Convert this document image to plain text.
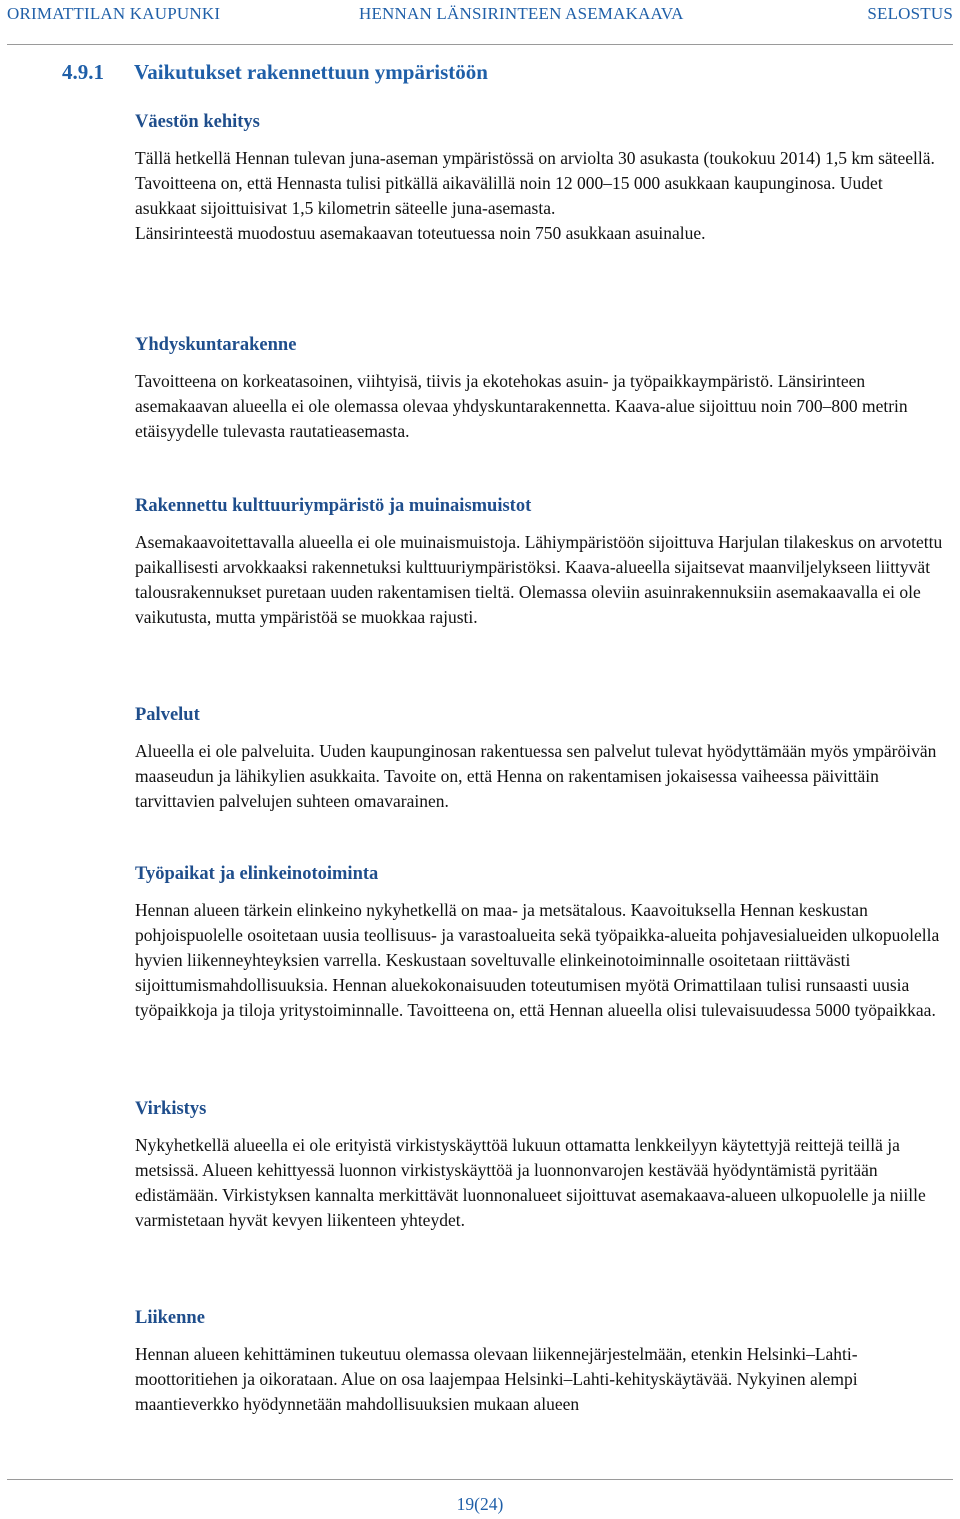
ORIMATTILAN KAUPUNKI	HENNAN LÄNSIRINTEEN ASEMAKAAVA	SELOSTUS
4.9.1 Vaikutukset rakennettuun ympäristöön
Väestön kehitys

Tällä hetkellä Hennan tulevan juna-aseman ympäristössä on arviolta 30 asukasta (toukokuu 2014) 1,5 km säteellä. Tavoitteena on, että Hennasta tulisi pitkällä aikavälillä noin 12 000–15 000 asukkaan kaupunginosa. Uudet asukkaat sijoittuisivat 1,5 kilometrin säteelle juna-asemasta.

Länsirinteestä muodostuu asemakaavan toteutuessa noin 750 asukkaan asuinalue.

Yhdyskuntarakenne

Tavoitteena on korkeatasoinen, viihtyisä, tiivis ja ekotehokas asuin- ja työpaikkaympäristö. Länsirinteen asemakaavan alueella ei ole olemassa olevaa yhdyskuntarakennetta. Kaava-alue sijoittuu noin 700–800 metrin etäisyydelle tulevasta rautatieasemasta.

Rakennettu kulttuuriympäristö ja muinaismuistot

Asemakaavoitettavalla alueella ei ole muinaismuistoja. Lähiympäristöön sijoittuva Harjulan tilakeskus on arvotettu paikallisesti arvokkaaksi rakennetuksi kulttuuriympäristöksi. Kaava-alueella sijaitsevat maanviljelykseen liittyvät talousrakennukset puretaan uuden rakentamisen tieltä. Olemassa oleviin asuinrakennuksiin asemakaavalla ei ole vaikutusta, mutta ympäristöä se muokkaa rajusti.

Palvelut

Alueella ei ole palveluita. Uuden kaupunginosan rakentuessa sen palvelut tulevat hyödyttämään myös ympäröivän maaseudun ja lähikylien asukkaita. Tavoite on, että Henna on rakentamisen jokaisessa vaiheessa päivittäin tarvittavien palvelujen suhteen omavarainen.

Työpaikat ja elinkeinotoiminta

Hennan alueen tärkein elinkeino nykyhetkellä on maa- ja metsätalous. Kaavoituksella Hennan keskustan pohjoispuolelle osoitetaan uusia teollisuus- ja varastoalueita sekä työpaikka-alueita pohjavesialueiden ulkopuolella hyvien liikenneyhteyksien varrella. Keskustaan soveltuvalle elinkeinotoiminnalle osoitetaan riittävästi sijoittumismahdollisuuksia. Hennan aluekokonaisuuden toteutumisen myötä Orimattilaan tulisi runsaasti uusia työpaikkoja ja tiloja yritystoiminnalle. Tavoitteena on, että Hennan alueella olisi tulevaisuudessa 5000 työpaikkaa.

Virkistys

Nykyhetkellä alueella ei ole erityistä virkistyskäyttöä lukuun ottamatta lenkkeilyyn käytettyjä reittejä teillä ja metsissä. Alueen kehittyessä luonnon virkistyskäyttöä ja luonnonvarojen kestävää hyödyntämistä pyritään edistämään. Virkistyksen kannalta merkittävät luonnonalueet sijoittuvat asemakaava-alueen ulkopuolelle ja niille varmistetaan hyvät kevyen liikenteen yhteydet.

Liikenne

Hennan alueen kehittäminen tukeutuu olemassa olevaan liikennejärjestelmään, etenkin Helsinki–Lahti-moottoritiehen ja oikorataan. Alue on osa laajempaa Helsinki–Lahti-kehityskäytävää. Nykyinen alempi maantieverkko hyödynnetään mahdollisuuksien mukaan alueen

19(24)
